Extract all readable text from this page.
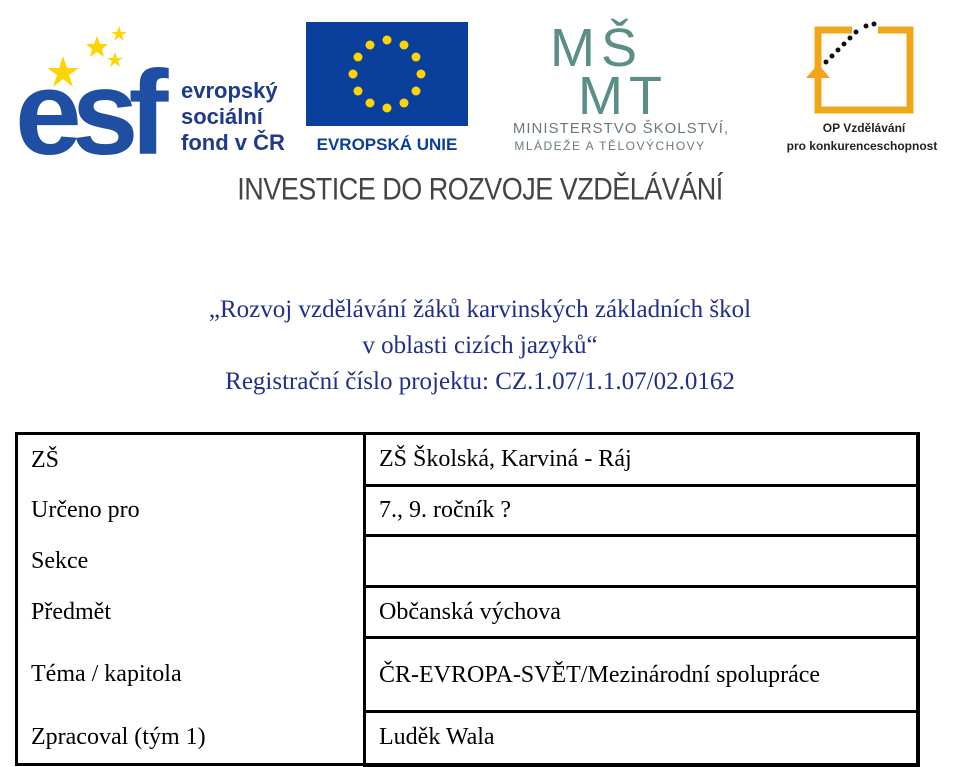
esf	evropský
sociální
fond v ČR EVROPSKÁ UNIE
MŠ
MT
MINISTERSTVO ŠKOLSTVÍ,
MLÁDEŽE A TĚLOVÝCHOVY
OP Vzdělávání
pro konkurenceschopnost
INVESTICE DO ROZVOJE VZDĚLÁVÁNÍ
„Rozvoj vzdělávání žáků karvinských základních škol
v oblasti cizích jazyků“
Registrační číslo projektu: CZ.1.07/1.1.07/02.0162
ZŠ	ZŠ Školská, Karviná - Ráj
Určeno pro	7., 9. ročník ?
Sekce	
Předmět	Občanská výchova
Téma / kapitola	ČR-EVROPA-SVĚT/Mezinárodní spolupráce
Zpracoval (tým 1)	Luděk Wala
